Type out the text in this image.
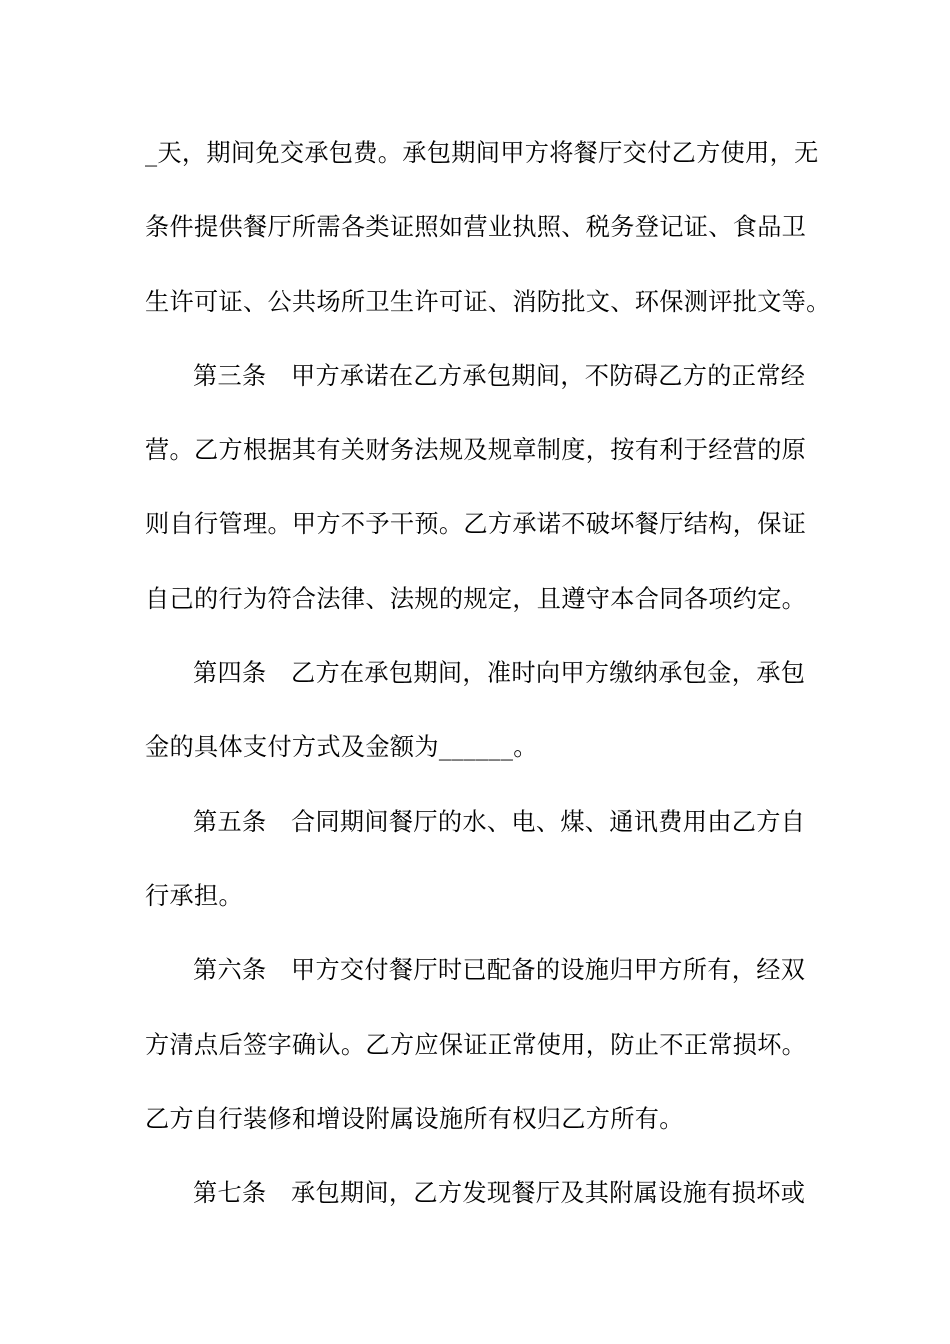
_天，期间免交承包费。承包期间甲方将餐厅交付乙方使用，无
条件提供餐厅所需各类证照如营业执照、税务登记证、食品卫
生许可证、公共场所卫生许可证、消防批文、环保测评批文等。
第三条　甲方承诺在乙方承包期间，不防碍乙方的正常经
营。乙方根据其有关财务法规及规章制度，按有利于经营的原
则自行管理。甲方不予干预。乙方承诺不破坏餐厅结构，保证
自己的行为符合法律、法规的规定，且遵守本合同各项约定。
第四条　乙方在承包期间，准时向甲方缴纳承包金，承包
金的具体支付方式及金额为______。
第五条　合同期间餐厅的水、电、煤、通讯费用由乙方自
行承担。
第六条　甲方交付餐厅时已配备的设施归甲方所有，经双
方清点后签字确认。乙方应保证正常使用，防止不正常损坏。
乙方自行装修和增设附属设施所有权归乙方所有。
第七条　承包期间，乙方发现餐厅及其附属设施有损坏或
